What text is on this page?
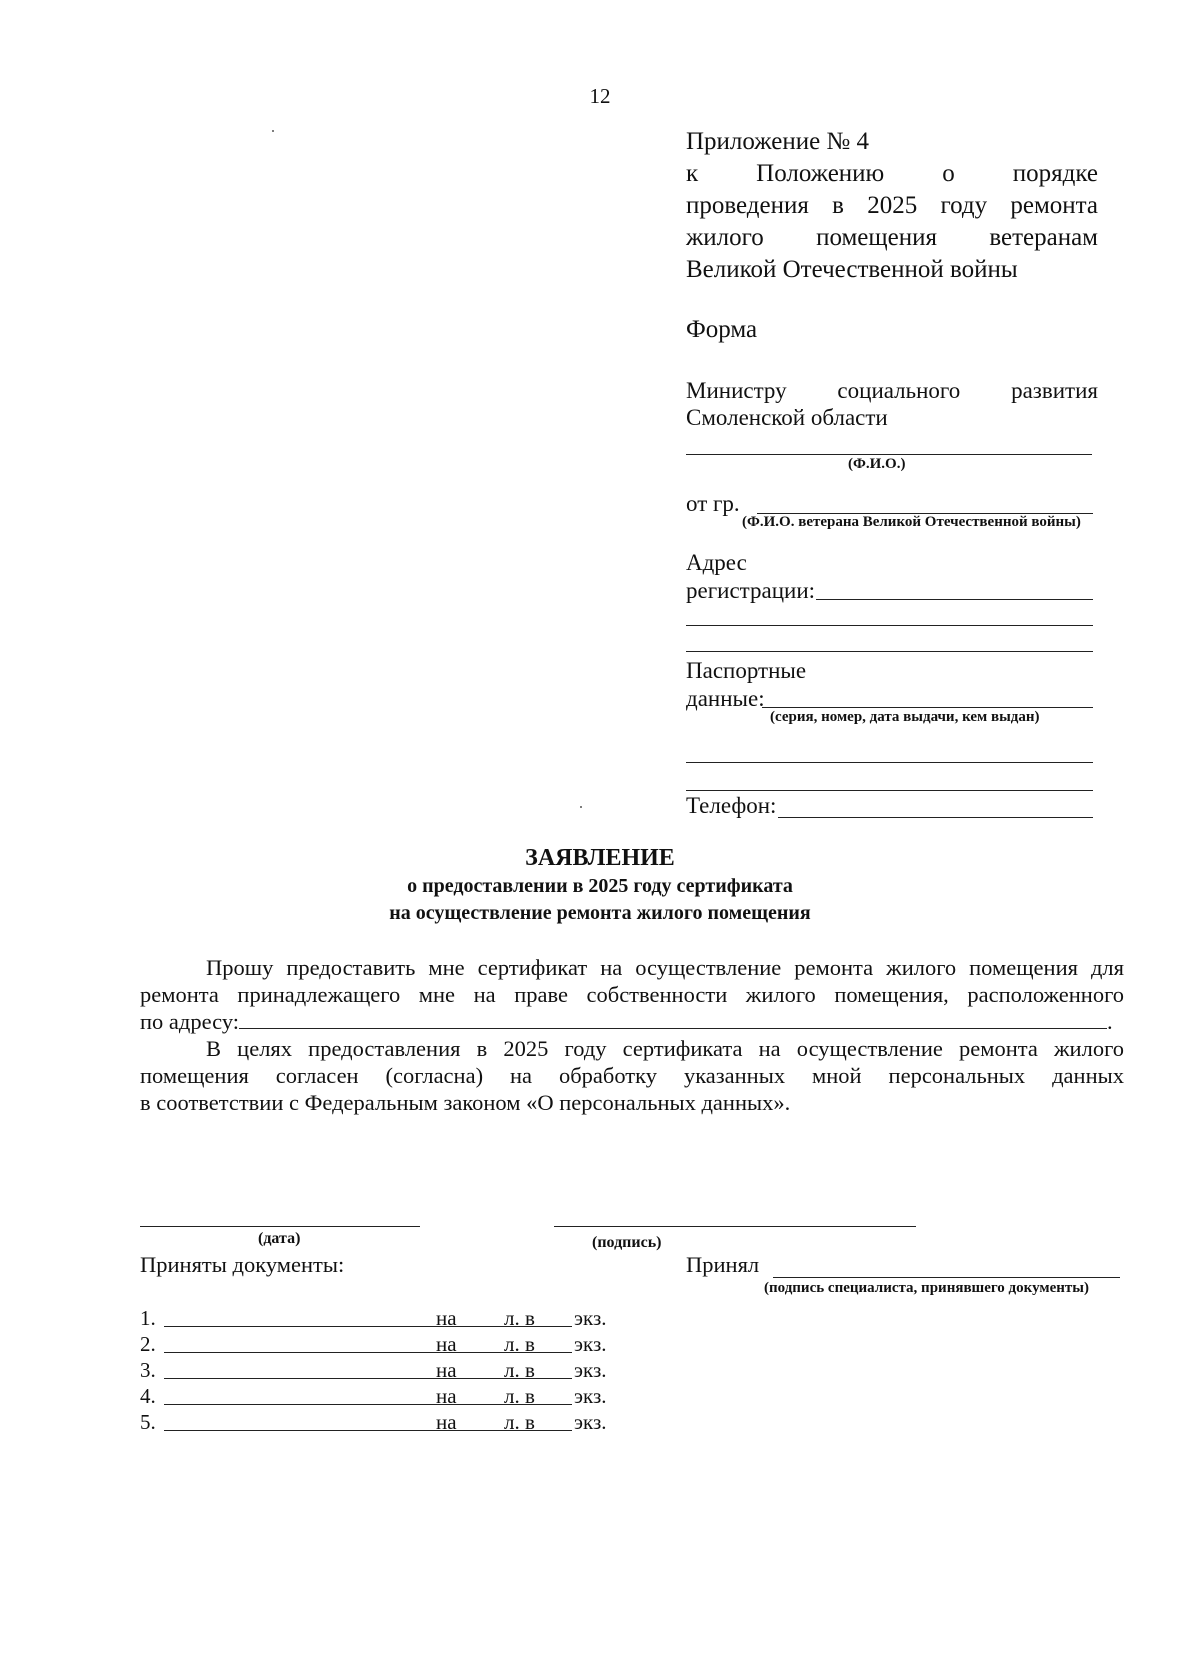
12
Приложение № 4
к Положению о порядке
проведения в 2025 году ремонта
жилого помещения ветеранам
Великой Отечественной войны
Форма
Министру социального развития
Смоленской области
(Ф.И.О.)
от гр.
(Ф.И.О. ветерана Великой Отечественной войны)
Адрес
регистрации:
Паспортные
данные:
(серия, номер, дата выдачи, кем выдан)
Телефон:
ЗАЯВЛЕНИЕ
о предоставлении в 2025 году сертификата
на осуществление ремонта жилого помещения

Прошу предоставить мне сертификат на осуществление ремонта жилого помещения для

ремонта принадлежащего мне на праве собственности жилого помещения, расположенного

по адресу:	.

В целях предоставления в 2025 году сертификата на осуществление ремонта жилого

помещения согласен (согласна) на обработку указанных мной персональных данных

в соответствии с Федеральным законом «О персональных данных».

(дата)	(подпись)
Приняты документы:	Принял
(подпись специалиста, принявшего документы)
1.	на л. в экз.
2.	на л. в экз.
3.	на л. в экз.
4.	на л. в экз.
5.	на л. в экз.
